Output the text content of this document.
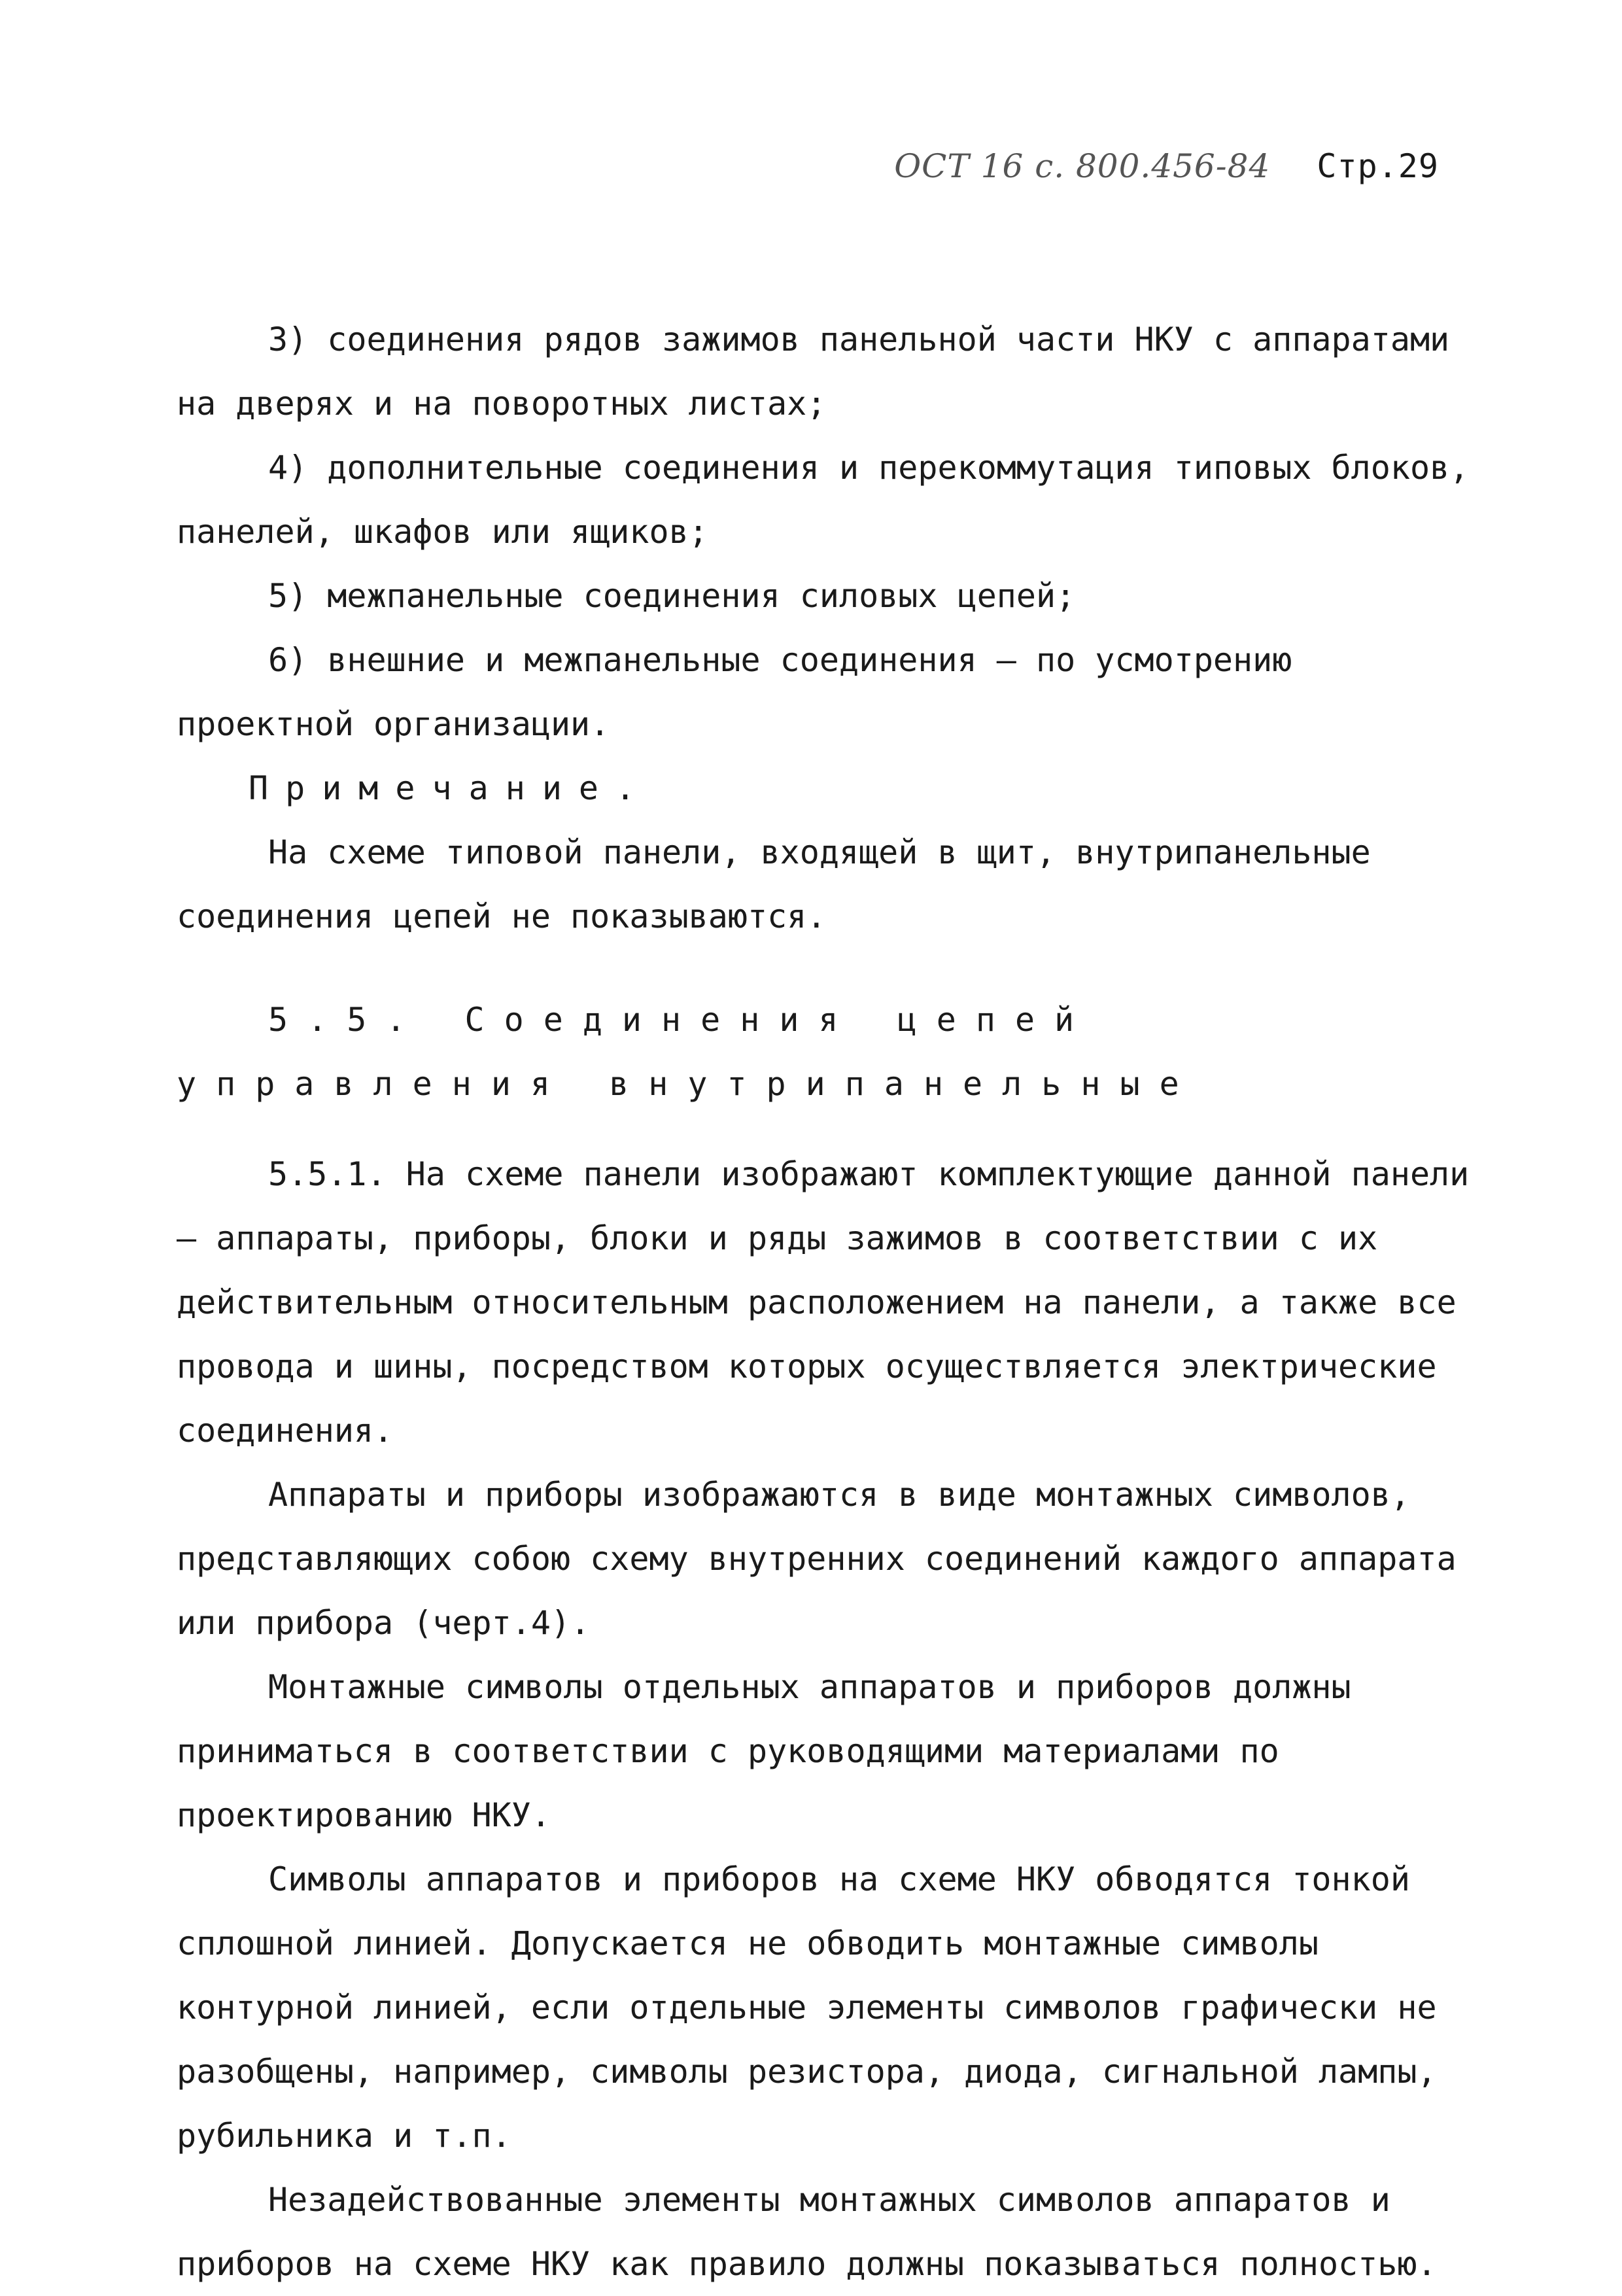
ОСТ 16 с. 800.456-84 Стр.29

3) соединения рядов зажимов панельной части НКУ с аппаратами на дверях и на поворотных листах;

4) дополнительные соединения и перекоммутация типовых блоков, панелей, шкафов или ящиков;

5) межпанельные соединения силовых цепей;

6) внешние и межпанельные соединения – по усмотрению проектной организации.

Примечание.

На схеме типовой панели, входящей в щит, внутрипанельные соединения цепей не показываются.

5.5. Соединения цепей управления внутрипанельные

5.5.1. На схеме панели изображают комплектующие данной панели – аппараты, приборы, блоки и ряды зажимов в соответствии с их действительным относительным расположением на панели, а также все провода и шины, посредством которых осуществляется электрические соединения.

Аппараты и приборы изображаются в виде монтажных символов, представляющих собою схему внутренних соединений каждого аппарата или прибора (черт.4).

Монтажные символы отдельных аппаратов и приборов должны приниматься в соответствии с руководящими материалами по проектированию НКУ.

Символы аппаратов и приборов на схеме НКУ обводятся тонкой сплошной линией. Допускается не обводить монтажные символы контурной линией, если отдельные элементы символов графически не разобщены, например, символы резистора, диода, сигнальной лампы, рубильника и т.п.

Незадействованные элементы монтажных символов аппаратов и приборов на схеме НКУ как правило должны показываться полностью.
